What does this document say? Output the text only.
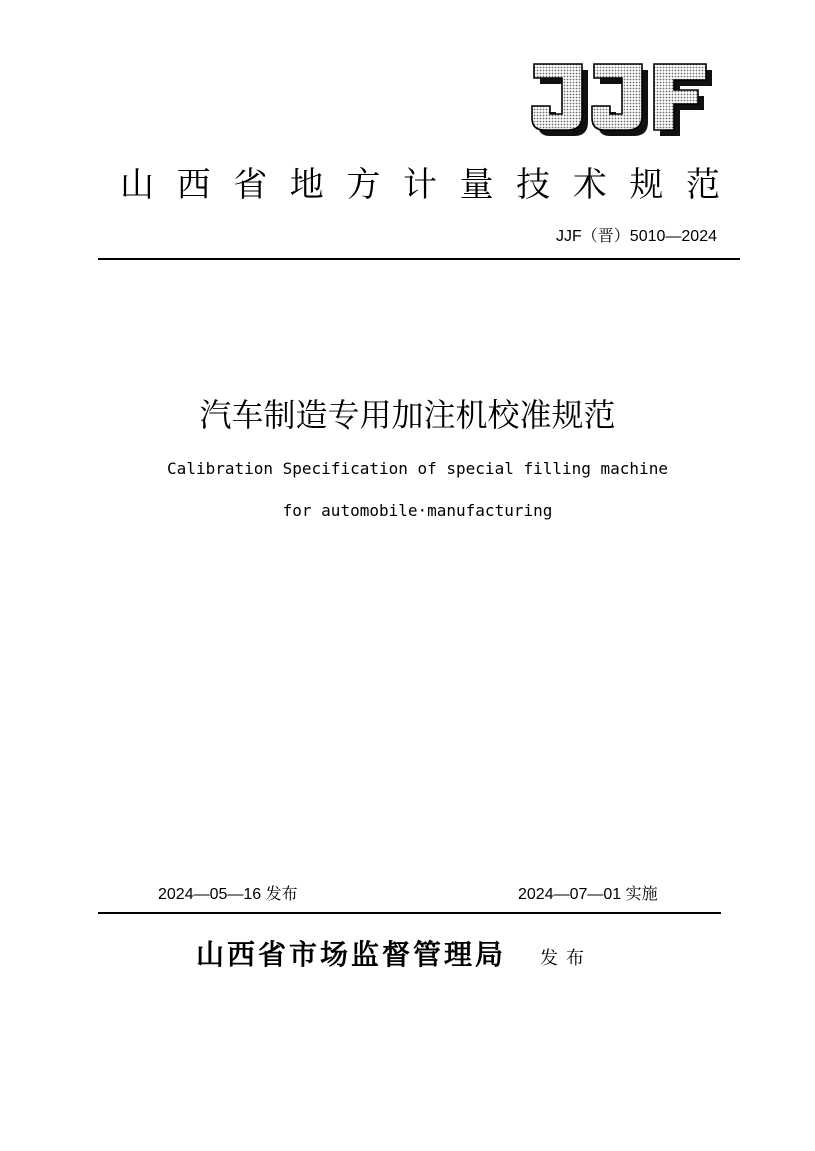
山 西 省 地 方 计 量 技 术 规 范
JJF（晋）5010—2024
汽车制造专用加注机校准规范
Calibration Specification of special filling machine
for automobile·manufacturing
2024—05—16 发布	2024—07—01 实施
山西省市场监督管理局 发布
